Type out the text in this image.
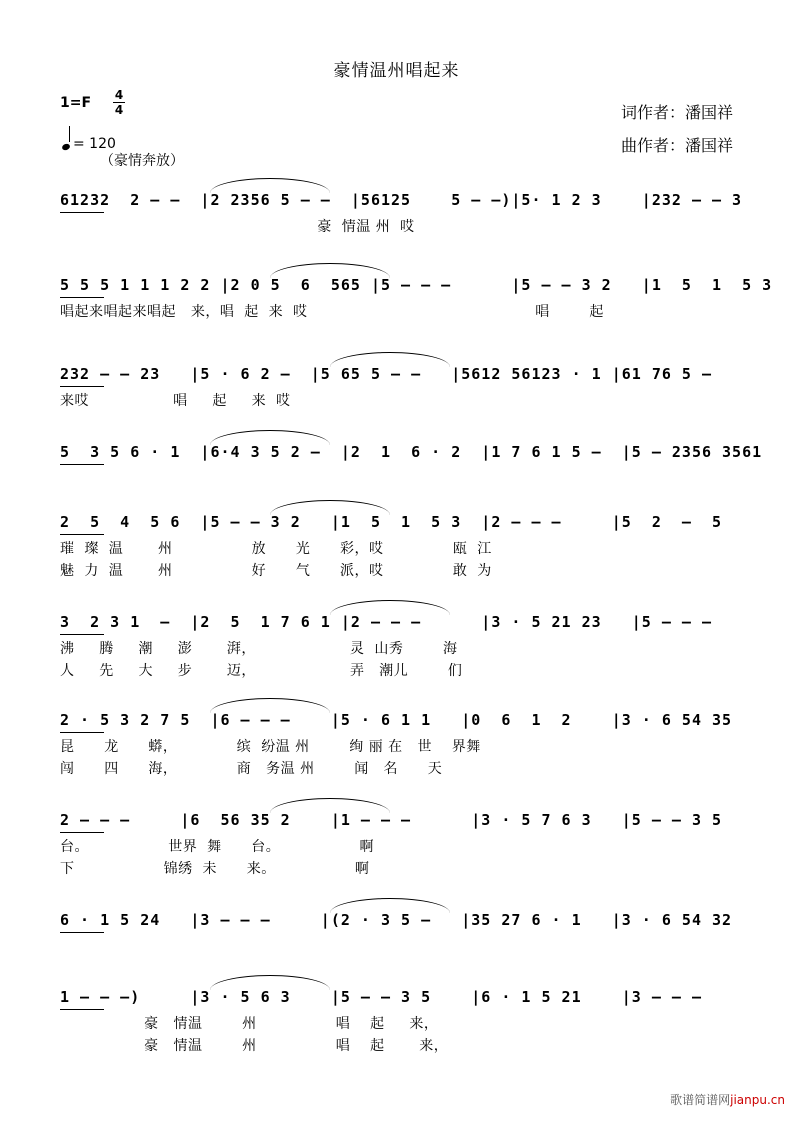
豪情温州唱起来
1=F 4
4
= 120
（豪情奔放）
词作者：潘国祥
曲作者：潘国祥
61232  2 – –  |2 2356 5 – –  |56125    5 – –)|5· 1 2 3    |232 – – 3
豪  情温 州  哎
5 5 5 1 1 1 2 2 |2 0 5  6  565 |5 – – –      |5 – – 3 2   |1  5  1  5 3
唱起来唱起来唱起   来，唱  起  来  哎                                              唱        起
232 – – 23   |5 · 6 2 –  |5 65 5 – –   |5612 56123 · 1 |61 76 5 –
来哎                 唱     起     来  哎
5  3 5 6 · 1  |6·4 3 5 2 –  |2  1  6 · 2  |1 7 6 1 5 –  |5 – 2356 3561
2  5  4  5 6  |5 – – 3 2   |1  5  1  5 3  |2 – – –     |5  2  –  5
璀  璨  温       州                放      光      彩，哎              瓯  江
魅  力  温       州                好      气      派，哎              敢  为
3  2 3 1  –  |2  5  1 7 6 1 |2 – – –      |3 · 5 21 23   |5 – – –
沸     腾     潮     澎       湃，                   灵  山秀        海
人     先     大     步       迈，                   弄   潮儿        们
2 · 5 3 2 7 5  |6 – – –    |5 · 6 1 1   |0  6  1  2    |3 · 6 54 35
昆      龙      蟒，            缤  纷温 州        绚 丽 在   世    界舞
闯      四      海，            商   务温 州        闻   名      天
2 – – –     |6  56 35 2    |1 – – –      |3 · 5 7 6 3   |5 – – 3 5
台。                世界  舞      台。                啊
下                  锦绣  未      来。                啊
6 · 1 5 24   |3 – – –     |(2 · 3 5 –   |35 27 6 · 1   |3 · 6 54 32
1 – – –)     |3 · 5 6 3    |5 – – 3 5    |6 · 1 5 21    |3 – – –
豪   情温        州                唱    起     来，
豪   情温        州                唱    起       来，
歌谱简谱网jianpu.cn
